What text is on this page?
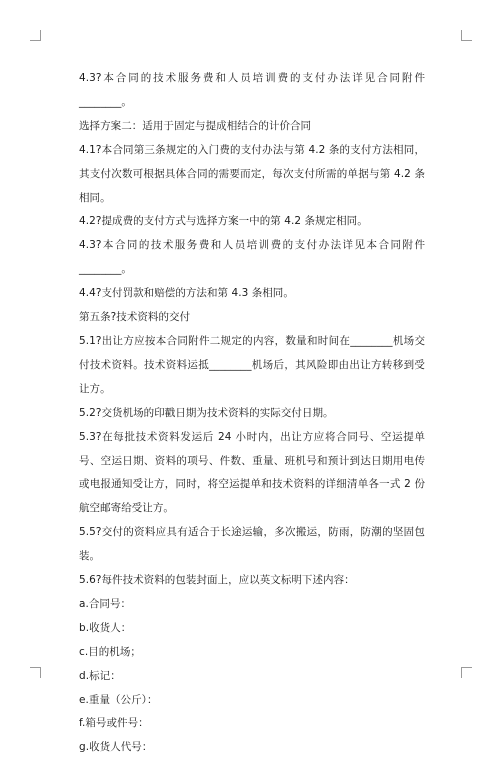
4.3?本合同的技术服务费和人员培训费的支付办法详见合同附件________。

选择方案二：适用于固定与提成相结合的计价合同

4.1?本合同第三条规定的入门费的支付办法与第 4.2 条的支付方法相同，其支付次数可根据具体合同的需要而定，每次支付所需的单据与第 4.2 条相同。

4.2?提成费的支付方式与选择方案一中的第 4.2 条规定相同。

4.3?本合同的技术服务费和人员培训费的支付办法详见本合同附件________。

4.4?支付罚款和赔偿的方法和第 4.3 条相同。

第五条?技术资料的交付

5.1?出让方应按本合同附件二规定的内容，数量和时间在________机场交付技术资料。技术资料运抵________机场后，其风险即由出让方转移到受让方。

5.2?交货机场的印戳日期为技术资料的实际交付日期。

5.3?在每批技术资料发运后 24 小时内，出让方应将合同号、空运提单号、空运日期、资料的项号、件数、重量、班机号和预计到达日期用电传或电报通知受让方，同时，将空运提单和技术资料的详细清单各一式 2 份航空邮寄给受让方。

5.5?交付的资料应具有适合于长途运输，多次搬运，防雨，防潮的坚固包装。

5.6?每件技术资料的包装封面上，应以英文标明下述内容：

a.合同号：

b.收货人：

c.目的机场；

d.标记：

e.重量（公斤）：

f.箱号或件号：

g.收货人代号：
